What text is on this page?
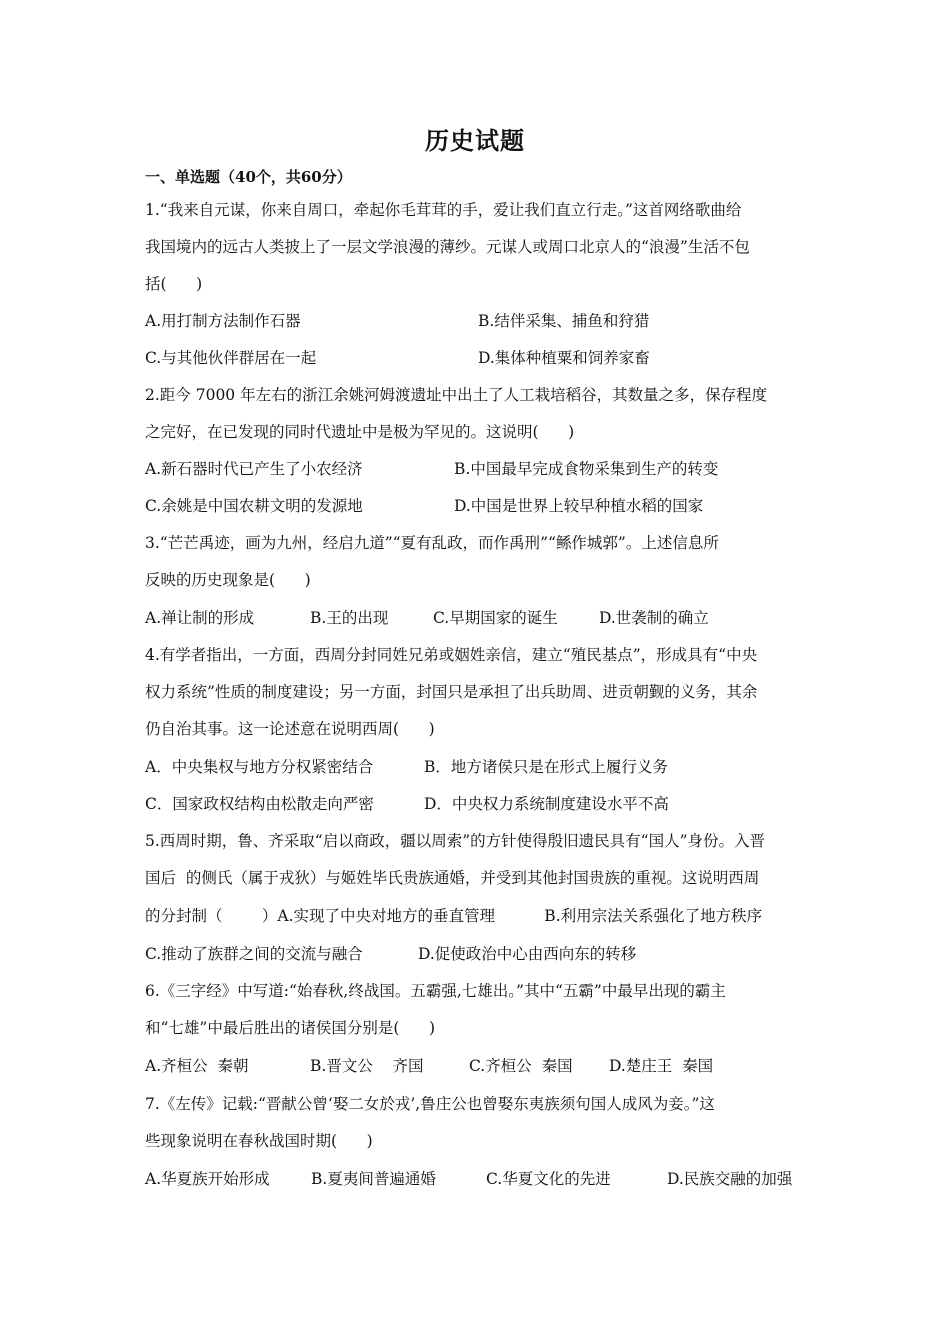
历史试题
一、单选题（40个，共60分）
1.“我来自元谋，你来自周口，牵起你毛茸茸的手，爱让我们直立行走。”这首网络歌曲给
我国境内的远古人类披上了一层文学浪漫的薄纱。元谋人或周口北京人的“浪漫”生活不包
括(      )
A.用打制方法制作石器	B.结伴采集、捕鱼和狩猎
C.与其他伙伴群居在一起	D.集体种植粟和饲养家畜
2.距今 7000 年左右的浙江余姚河姆渡遗址中出土了人工栽培稻谷，其数量之多，保存程度
之完好，在已发现的同时代遗址中是极为罕见的。这说明(      )
A.新石器时代已产生了小农经济	B.中国最早完成食物采集到生产的转变
C.余姚是中国农耕文明的发源地	D.中国是世界上较早种植水稻的国家
3.“芒芒禹迹，画为九州，经启九道”“夏有乱政，而作禹刑”“鲧作城郭”。上述信息所
反映的历史现象是(      )
A.禅让制的形成	B.王的出现	C.早期国家的诞生	D.世袭制的确立
4.有学者指出，一方面，西周分封同姓兄弟或姻姓亲信，建立“殖民基点”，形成具有“中央
权力系统”性质的制度建设；另一方面，封国只是承担了出兵助周、进贡朝觐的义务，其余
仍自治其事。这一论述意在说明西周(      )
A．中央集权与地方分权紧密结合	B．地方诸侯只是在形式上履行义务
C．国家政权结构由松散走向严密	D．中央权力系统制度建设水平不高
5.西周时期，鲁、齐采取“启以商政，疆以周索”的方针使得殷旧遗民具有“国人”身份。入晋
国后  的侧氏（属于戎狄）与姬姓毕氏贵族通婚，并受到其他封国贵族的重视。这说明西周
的分封制（        ）A.实现了中央对地方的垂直管理          B.利用宗法关系强化了地方秩序
C.推动了族群之间的交流与融合	D.促使政治中心由西向东的转移
6.《三字经》中写道:“始春秋,终战国。五霸强,七雄出。”其中“五霸”中最早出现的霸主
和“七雄”中最后胜出的诸侯国分别是(      )
A.齐桓公  秦朝	B.晋文公    齐国	C.齐桓公  秦国 D.楚庄王  秦国
7.《左传》记载:“晋献公曾‘娶二女於戎’,鲁庄公也曾娶东夷族须句国人成风为妾。”这
些现象说明在春秋战国时期(      )
A.华夏族开始形成	B.夏夷间普遍通婚	C.华夏文化的先进	D.民族交融的加强
